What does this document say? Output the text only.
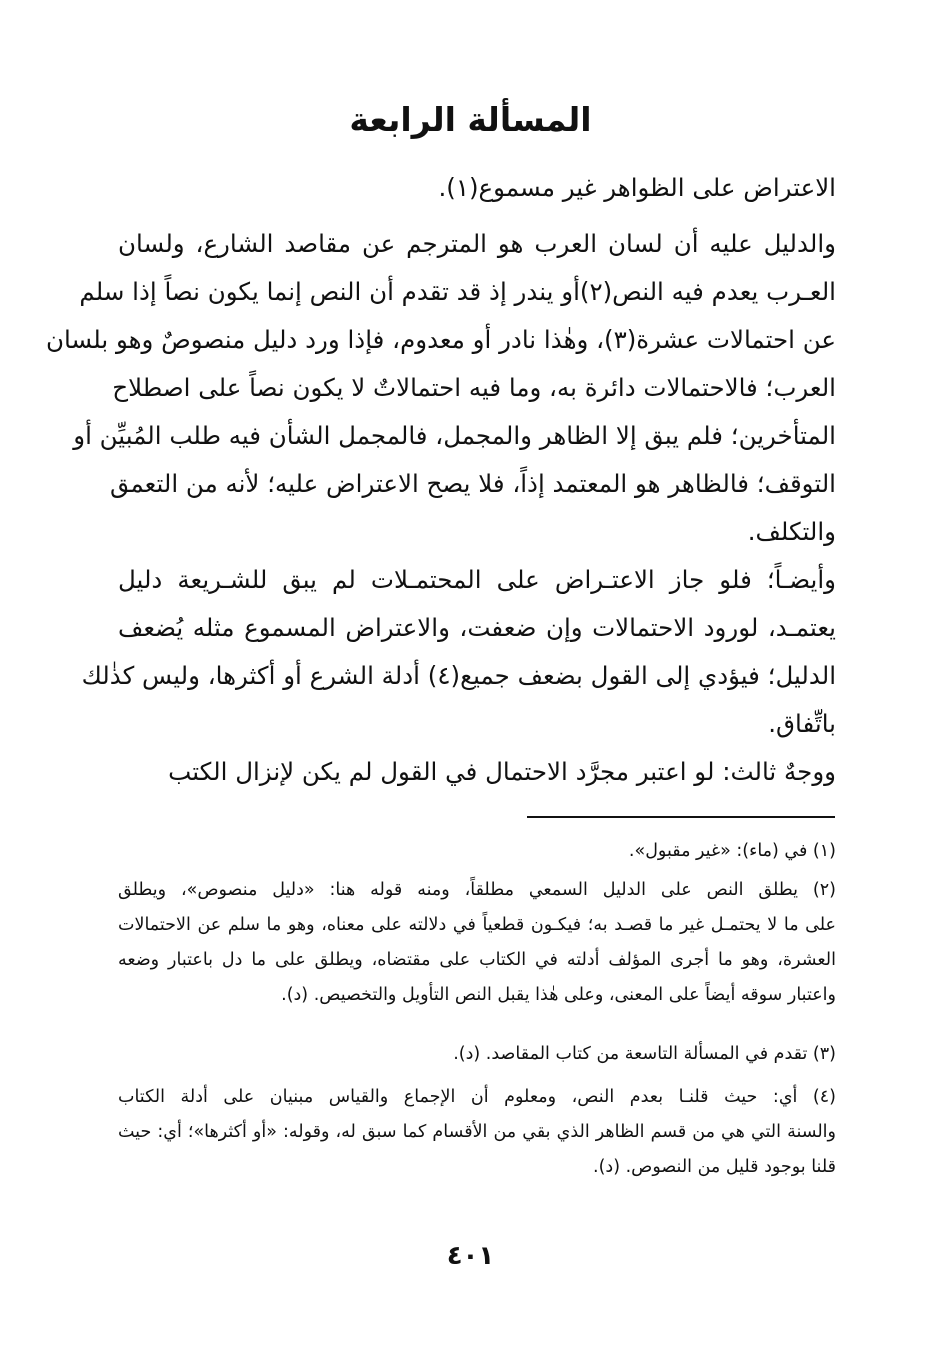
المسألة الرابعة
الاعتراض على الظواهر غير مسموع(١).
والدليل عليه أن لسان العرب هو المترجم عن مقاصد الشارع، ولسان
العـرب يعدم فيه النص(٢)أو يندر إذ قد تقدم أن النص إنما يكون نصاً إذا سلم
عن احتمالات عشرة(٣)، وهٰذا نادر أو معدوم، فإذا ورد دليل منصوصٌ وهو بلسان
العرب؛ فالاحتمالات دائرة به، وما فيه احتمالاتٌ لا يكون نصاً على اصطلاح
المتأخرين؛ فلم يبق إلا الظاهر والمجمل، فالمجمل الشأن فيه طلب المُبيِّن أو
التوقف؛ فالظاهر هو المعتمد إذاً، فلا يصح الاعتراض عليه؛ لأنه من التعمق
والتكلف.
وأيضـاً؛ فلو جاز الاعتـراض على المحتمـلات لم يبق للشـريعة دليل
يعتمـد، لورود الاحتمالات وإن ضعفت، والاعتراض المسموع مثله يُضعف
الدليل؛ فيؤدي إلى القول بضعف جميع(٤) أدلة الشرع أو أكثرها، وليس كذٰلك
باتِّفاق.
ووجهٌ ثالث: لو اعتبر مجرَّد الاحتمال في القول لم يكن لإنزال الكتب
(١) في (ماء): «غير مقبول».
(٢) يطلق النص على الدليل السمعي مطلقاً، ومنه قوله هنا: «دليل منصوص»، ويطلق
على ما لا يحتمـل غير ما قصـد به؛ فيكـون قطعياً في دلالته على معناه، وهو ما سلم عن الاحتمالات
العشرة، وهو ما أجرى المؤلف أدلته في الكتاب على مقتضاه، ويطلق على ما دل باعتبار وضعه
واعتبار سوقه أيضاً على المعنى، وعلى هٰذا يقبل النص التأويل والتخصيص. (د).
(٣) تقدم في المسألة التاسعة من كتاب المقاصد. (د).
(٤) أي: حيث قلنـا بعدم النص، ومعلوم أن الإجماع والقياس مبنيان على أدلة الكتاب
والسنة التي هي من قسم الظاهر الذي بقي من الأقسام كما سبق له، وقوله: «أو أكثرها»؛ أي: حيث
قلنا بوجود قليل من النصوص. (د).
٤٠١
